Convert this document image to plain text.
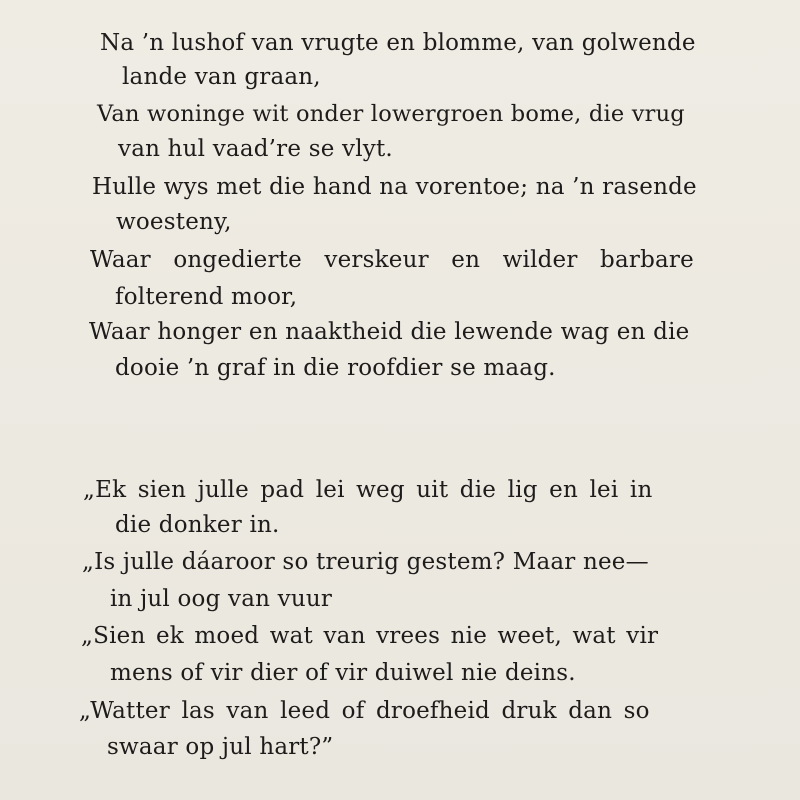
Na ’n lushof van vrugte en blomme, van golwende
lande van graan,
Van woninge wit onder lowergroen bome, die vrug
van hul vaad’re se vlyt.
Hulle wys met die hand na vorentoe; na ’n rasende
woesteny,
Waar ongedierte verskeur en wilder barbare
folterend moor,
Waar honger en naaktheid die lewende wag en die
dooie ’n graf in die roofdier se maag.
„Ek sien julle pad lei weg uit die lig en lei in
die donker in.
„Is julle dáaroor so treurig gestem? Maar nee—
in jul oog van vuur
„Sien ek moed wat van vrees nie weet, wat vir
mens of vir dier of vir duiwel nie deins.
„Watter las van leed of droefheid druk dan so
swaar op jul hart?”
